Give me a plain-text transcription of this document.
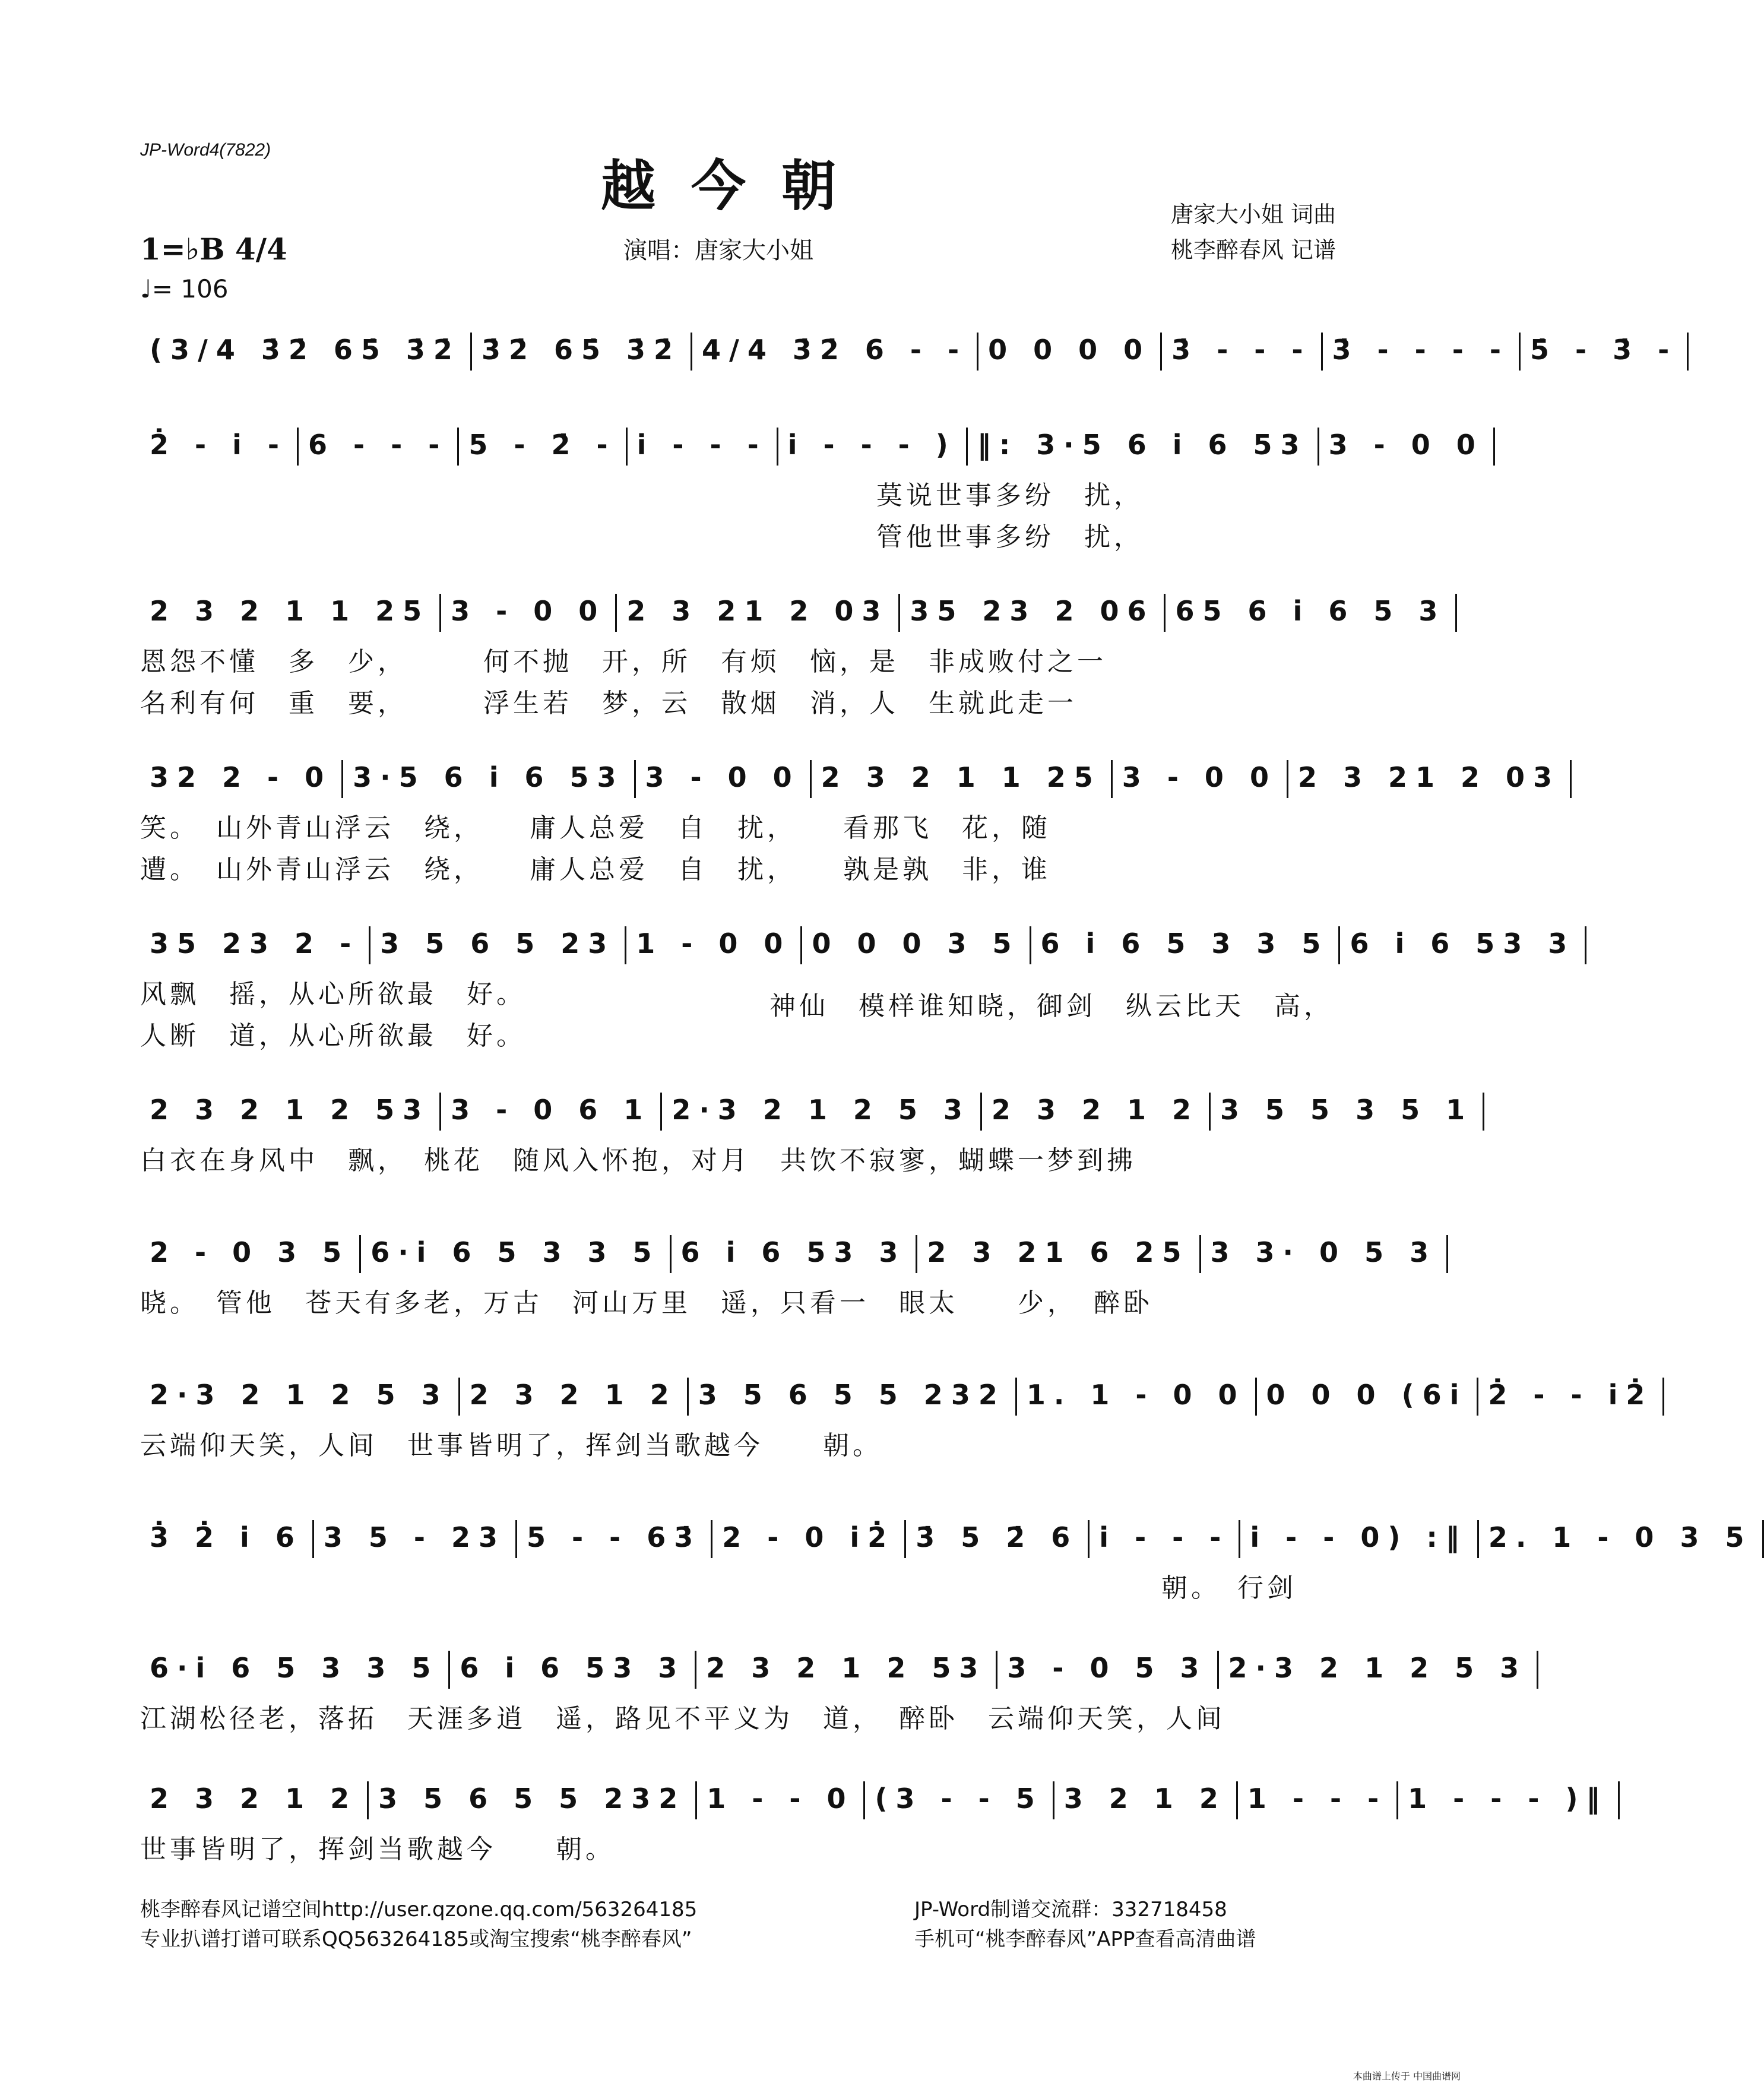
JP-Word4(7822)
越今朝
演唱：唐家大小姐
唐家大小姐 词曲
桃李醉春风 记谱
1=♭B 4/4
♩= 106
(3/4 3̇2̇ 65̇ 3̇2̇ 3̇2̇ 65̇ 3̇2̇ 4/4 3̇2̇ 6 - - 0 0 0 0 3̇ - - - 3̇ - - - - 5̇ - 3̇ -
2̇ - i -6 - - - 5 - 2̇ - i - - - i - - - ) ‖: 3·5 6 i 6 53 3 - 0 0
莫说世事多纷　扰，
管他世事多纷　扰，
2 3 2 1 1 25 3 - 0 0 2 3 21 2 03 35 23 2 06 65 6 i 6 5 3
恩怨不懂　多　少，　　　何不抛　开，所　有烦　恼，是　非成败付之一
名利有何　重　要，　　　浮生若　梦，云　散烟　消，人　生就此走一
32 2 - 0 3·5 6 i 6 53 3 - 0 0 2 3 2 1 1 25 3 - 0 0 2 3 21 2 03
笑。　山外青山浮云　绕，　　庸人总爱　自　扰，　　看那飞　花，随
遭。　山外青山浮云　绕，　　庸人总爱　自　扰，　　孰是孰　非，谁
35 23 2 - 3 5 6 5 23 1 - 0 0 0 0 0 3 5 6 i 6 5 3 3 5 6 i 6 53 3
风飘　摇，从心所欲最　好。
人断　道，从心所欲最　好。
神仙　模样谁知晓，御剑　纵云比天　高，
2 3 2 1 2 53 3 - 0 6 1 2·3 2 1 2 5 3 2 3 2 1 2 3 5 5 3 5 1
白衣在身风中　飘，　桃花　随风入怀抱，对月　共饮不寂寥，蝴蝶一梦到拂
2 - 0 3 5 6·i 6 5 3 3 5 6 i 6 53 3 2 3 21 6 25 3 3· 0 5 3
晓。　管他　苍天有多老，万古　河山万里　遥，只看一　眼太　　少，　醉卧
2·3 2 1 2 5 3 2 3 2 1 2 3 5 6 5 5 232 1. 1 - 0 0 0 0 0 (6i 2̇ - - i2̇
云端仰天笑，人间　世事皆明了，挥剑当歌越今　　朝。
3̇ 2̇ i 6 3 5 - 23 5 - - 63̇ 2 - 0 i2̇ 3̇ 5 2̇ 6 i - - - i - - 0) :‖ 2. 1 - 0 3 5
朝。　行剑
6·i 6 5 3 3 5 6 i 6 53 3 2 3 2 1 2 53 3 - 0 5 3 2·3 2 1 2 5 3
江湖松径老，落拓　天涯多逍　遥，路见不平义为　道，　醉卧　云端仰天笑，人间
2 3 2 1 2 3 5 6 5 5 232 1 - - 0 (3 - - 5 3 2 1 2 1 - - - 1 - - - )‖
世事皆明了，挥剑当歌越今　　朝。
桃李醉春风记谱空间http://user.qzone.qq.com/563264185
专业扒谱打谱可联系QQ563264185或淘宝搜索“桃李醉春风”
JP-Word制谱交流群：332718458
手机可“桃李醉春风”APP查看高清曲谱
本曲谱上传于 中国曲谱网
